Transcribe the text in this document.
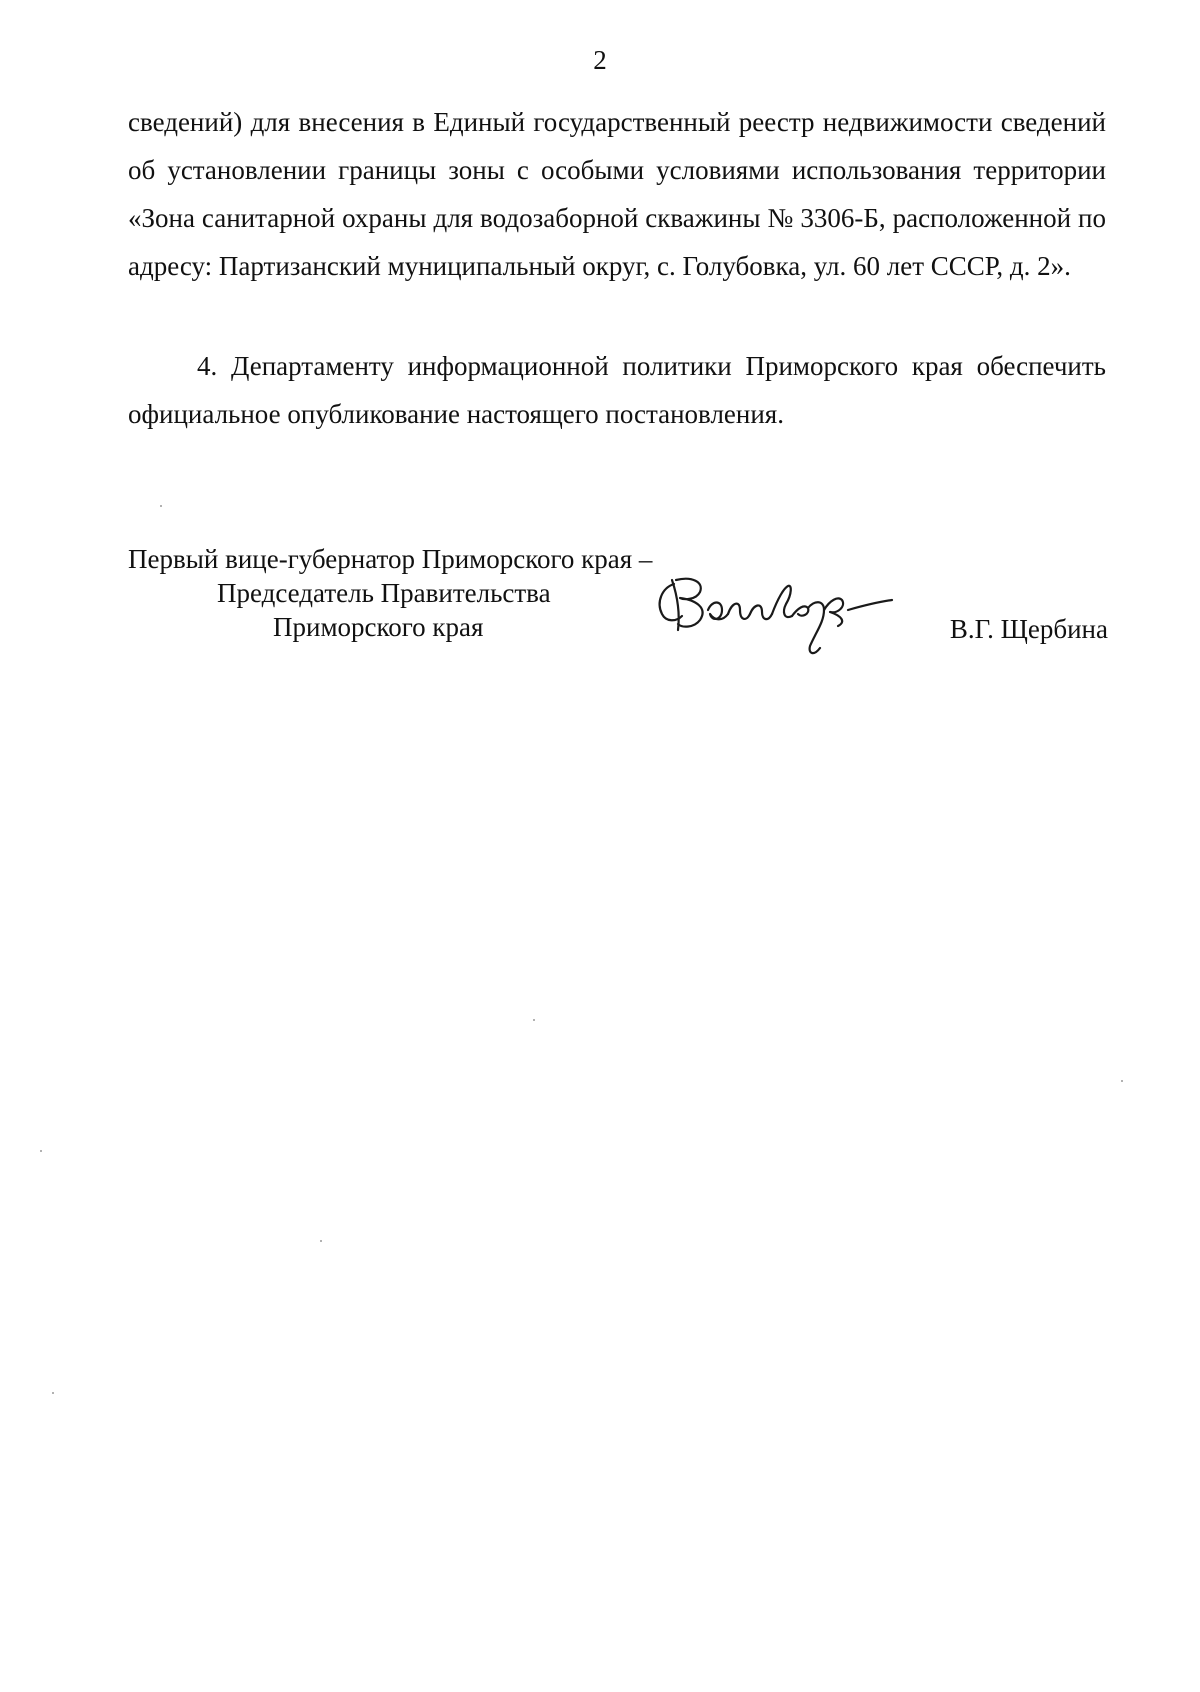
2
сведений) для внесения в Единый государственный реестр недвижимости сведений об установлении границы зоны с особыми условиями использования территории «Зона санитарной охраны для водозаборной скважины № 3306-Б, расположенной по адресу: Партизанский муниципальный округ, с. Голубовка, ул. 60 лет СССР, д. 2».
4. Департаменту информационной политики Приморского края обеспечить официальное опубликование настоящего постановления.
Первый вице-губернатор Приморского края –
Председатель Правительства
Приморского края	В.Г. Щербина
